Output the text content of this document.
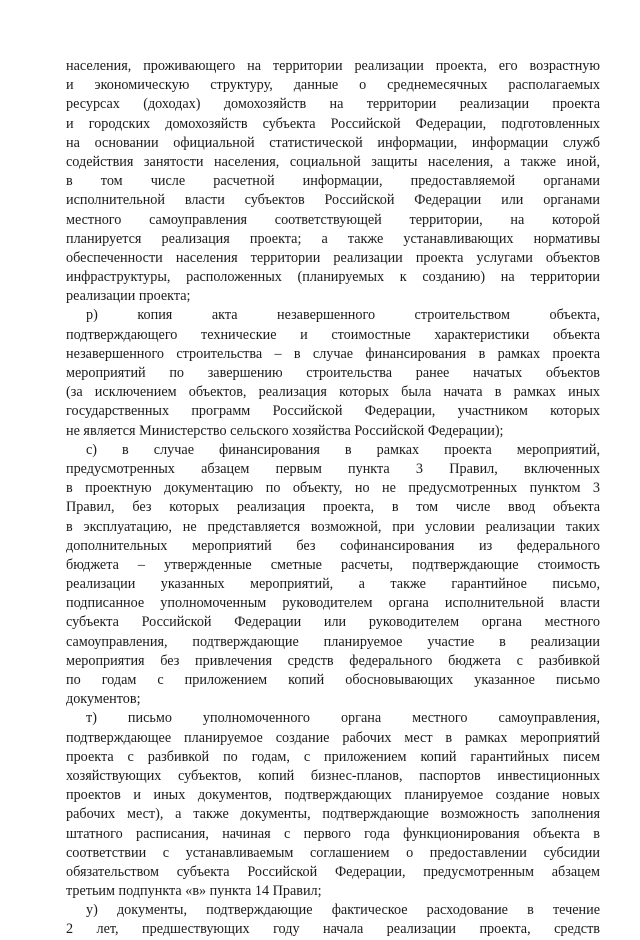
населения, проживающего на территории реализации проекта, его возрастную
и экономическую структуру, данные о среднемесячных располагаемых
ресурсах (доходах) домохозяйств на территории реализации проекта
и городских домохозяйств субъекта Российской Федерации, подготовленных
на основании официальной статистической информации, информации служб
содействия занятости населения, социальной защиты населения, а также иной,
в том числе расчетной информации, предоставляемой органами
исполнительной власти субъектов Российской Федерации или органами
местного самоуправления соответствующей территории, на которой
планируется реализация проекта; а также устанавливающих нормативы
обеспеченности населения территории реализации проекта услугами объектов
инфраструктуры, расположенных (планируемых к созданию) на территории
реализации проекта;
р) копия акта незавершенного строительством объекта,
подтверждающего технические и стоимостные характеристики объекта
незавершенного строительства – в случае финансирования в рамках проекта
мероприятий по завершению строительства ранее начатых объектов
(за исключением объектов, реализация которых была начата в рамках иных
государственных программ Российской Федерации, участником которых
не является Министерство сельского хозяйства Российской Федерации);
с) в случае финансирования в рамках проекта мероприятий,
предусмотренных абзацем первым пункта 3 Правил, включенных
в проектную документацию по объекту, но не предусмотренных пунктом 3
Правил, без которых реализация проекта, в том числе ввод объекта
в эксплуатацию, не представляется возможной, при условии реализации таких
дополнительных мероприятий без софинансирования из федерального
бюджета – утвержденные сметные расчеты, подтверждающие стоимость
реализации указанных мероприятий, а также гарантийное письмо,
подписанное уполномоченным руководителем органа исполнительной власти
субъекта Российской Федерации или руководителем органа местного
самоуправления, подтверждающие планируемое участие в реализации
мероприятия без привлечения средств федерального бюджета с разбивкой
по годам с приложением копий обосновывающих указанное письмо
документов;
т) письмо уполномоченного органа местного самоуправления,
подтверждающее планируемое создание рабочих мест в рамках мероприятий
проекта с разбивкой по годам, с приложением копий гарантийных писем
хозяйствующих субъектов, копий бизнес-планов, паспортов инвестиционных
проектов и иных документов, подтверждающих планируемое создание новых
рабочих мест), а также документы, подтверждающие возможность заполнения
штатного расписания, начиная с первого года функционирования объекта в
соответствии с устанавливаемым соглашением о предоставлении субсидии
обязательством субъекта Российской Федерации, предусмотренным абзацем
третьим подпункта «в» пункта 14 Правил;
у) документы, подтверждающие фактическое расходование в течение
2 лет, предшествующих году начала реализации проекта, средств
